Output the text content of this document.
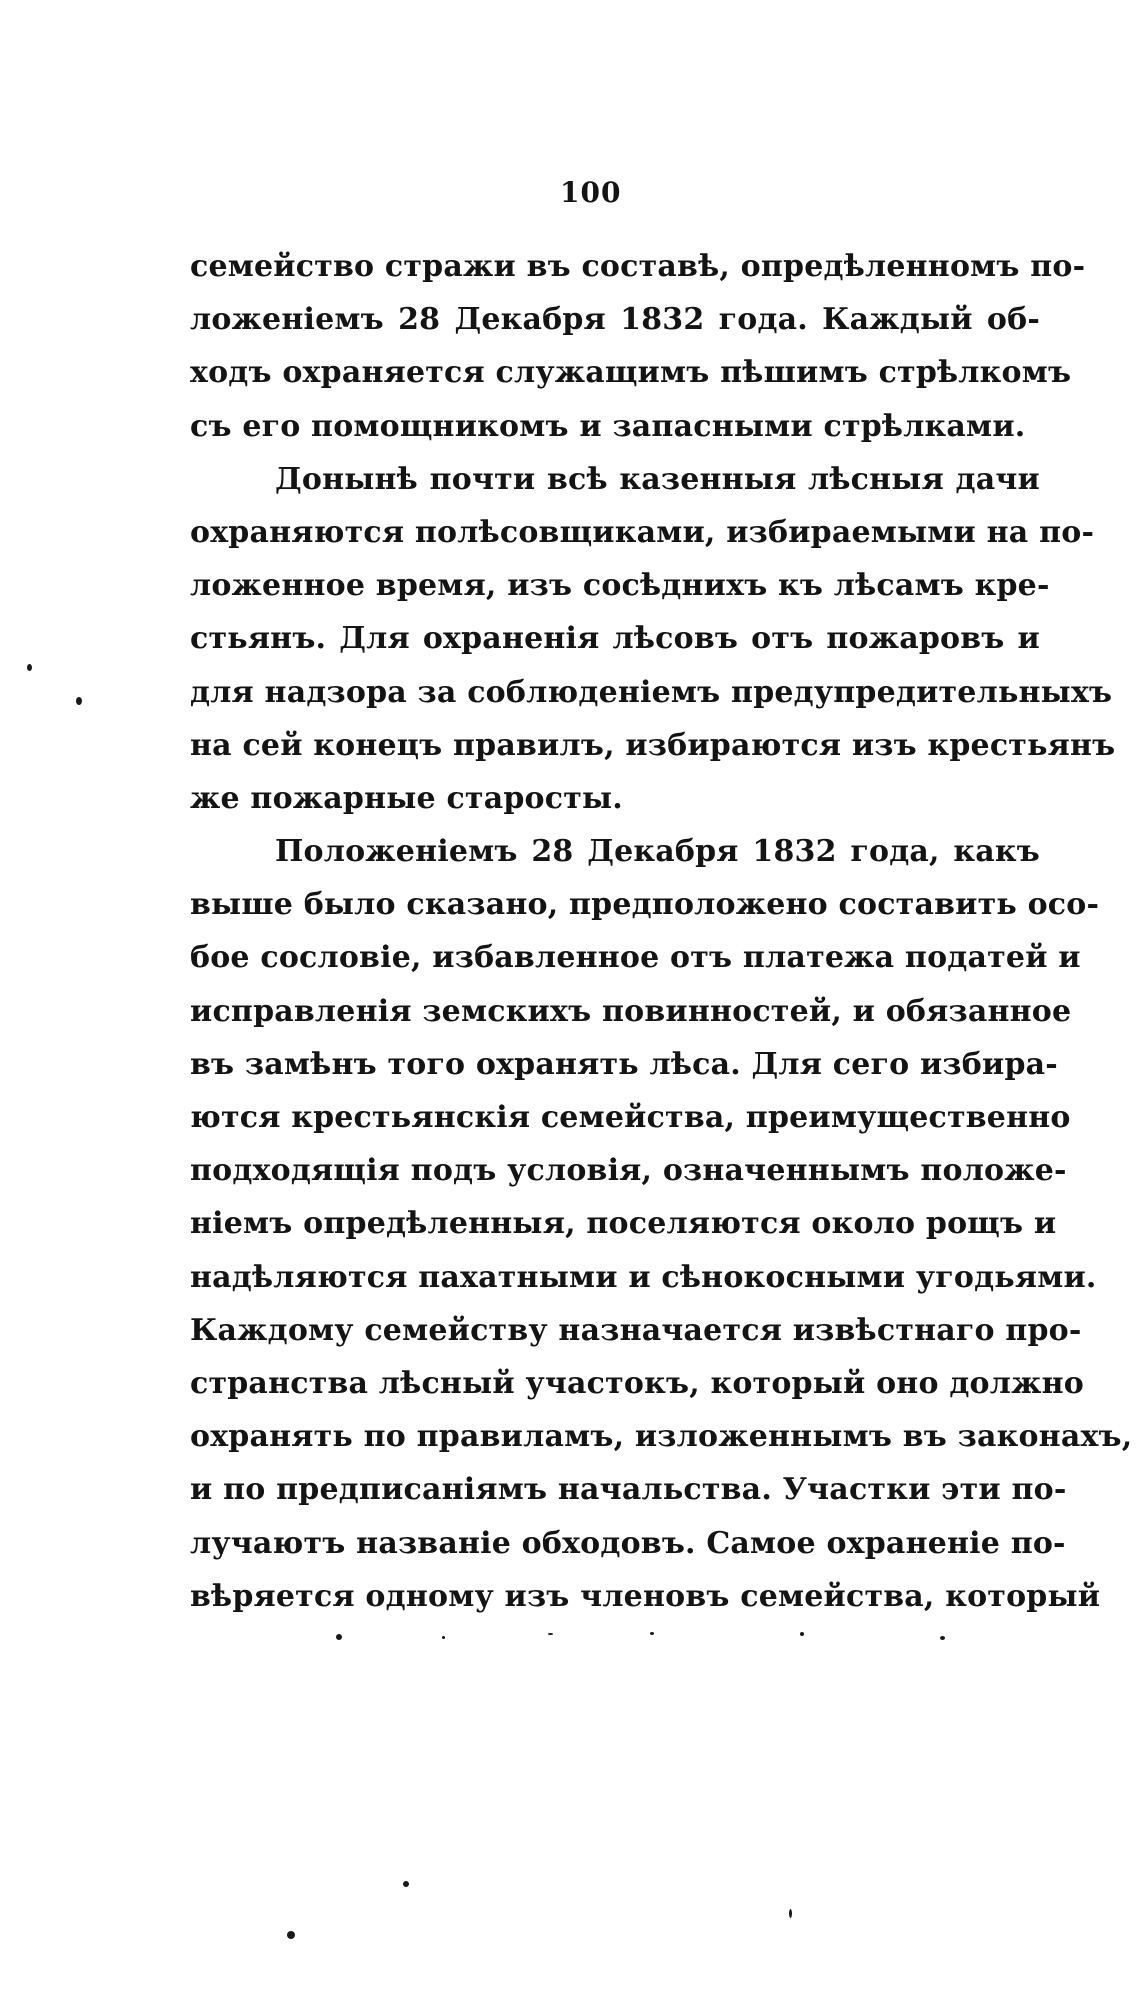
100
семейство стражи въ составѣ, опредѣленномъ по-
ложеніемъ 28 Декабря 1832 года. Каждый об-
ходъ охраняется служащимъ пѣшимъ стрѣлкомъ
съ его помощникомъ и запасными стрѣлками.
Донынѣ почти всѣ казенныя лѣсныя дачи
охраняются полѣсовщиками, избираемыми на по-
ложенное время, изъ сосѣднихъ къ лѣсамъ кре-
стьянъ. Для охраненія лѣсовъ отъ пожаровъ и
для надзора за соблюденіемъ предупредительныхъ
на сей конецъ правилъ, избираются изъ крестьянъ
же пожарные старосты.
Положеніемъ 28 Декабря 1832 года, какъ
выше было сказано, предположено составить осо-
бое сословіе, избавленное отъ платежа податей и
исправленія земскихъ повинностей, и обязанное
въ замѣнъ того охранять лѣса. Для сего избира-
ются крестьянскія семейства, преимущественно
подходящія подъ условія, означеннымъ положе-
ніемъ опредѣленныя, поселяются около рощъ и
надѣляются пахатными и сѣнокосными угодьями.
Каждому семейству назначается извѣстнаго про-
странства лѣсный участокъ, который оно должно
охранять по правиламъ, изложеннымъ въ законахъ,
и по предписаніямъ начальства. Участки эти по-
лучаютъ названіе обходовъ. Самое охраненіе по-
вѣряется одному изъ членовъ семейства, который
